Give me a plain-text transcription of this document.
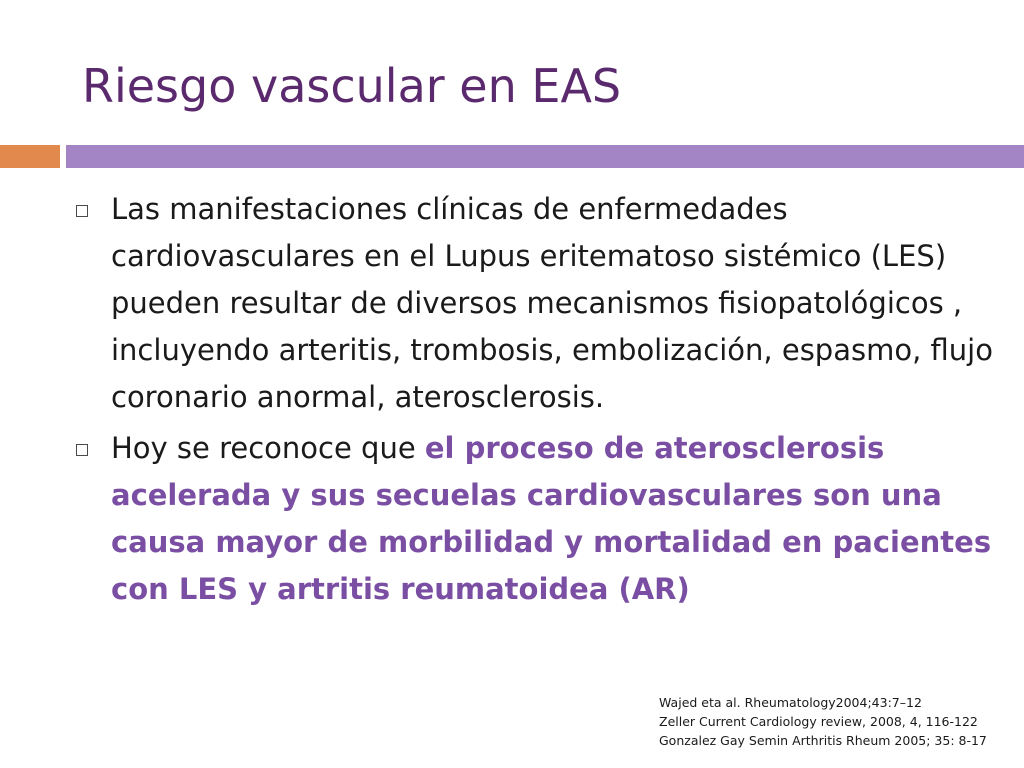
Riesgo vascular en EAS
Las manifestaciones clínicas de enfermedades cardiovasculares en el Lupus eritematoso sistémico (LES) pueden resultar de diversos mecanismos fisiopatológicos , incluyendo arteritis, trombosis, embolización, espasmo, flujo coronario anormal, aterosclerosis.
Hoy se reconoce que el proceso de aterosclerosis acelerada y sus secuelas cardiovasculares son una causa mayor de morbilidad y mortalidad en pacientes con LES y artritis reumatoidea (AR)
Wajed eta al. Rheumatology2004;43:7–12
Zeller Current Cardiology review, 2008, 4, 116-122
Gonzalez Gay Semin Arthritis Rheum 2005; 35: 8-17
